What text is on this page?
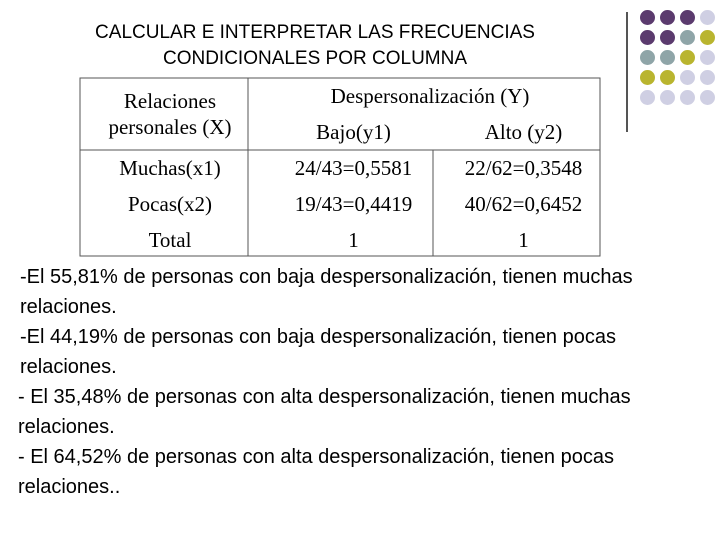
CALCULAR E INTERPRETAR LAS FRECUENCIAS
CONDICIONALES POR COLUMNA
Relaciones
personales (X)	Despersonalización (Y)	
	Bajo(y1)	Alto (y2)
Muchas(x1)	24/43=0,5581	22/62=0,3548
Pocas(x2)	19/43=0,4419	40/62=0,6452
Total	1	1

-El 55,81% de personas con baja despersonalización, tienen muchas relaciones.

-El 44,19% de personas con baja despersonalización, tienen pocas relaciones.

- El 35,48% de personas con alta despersonalización, tienen muchas relaciones.

- El 64,52% de personas con alta despersonalización, tienen pocas relaciones..
